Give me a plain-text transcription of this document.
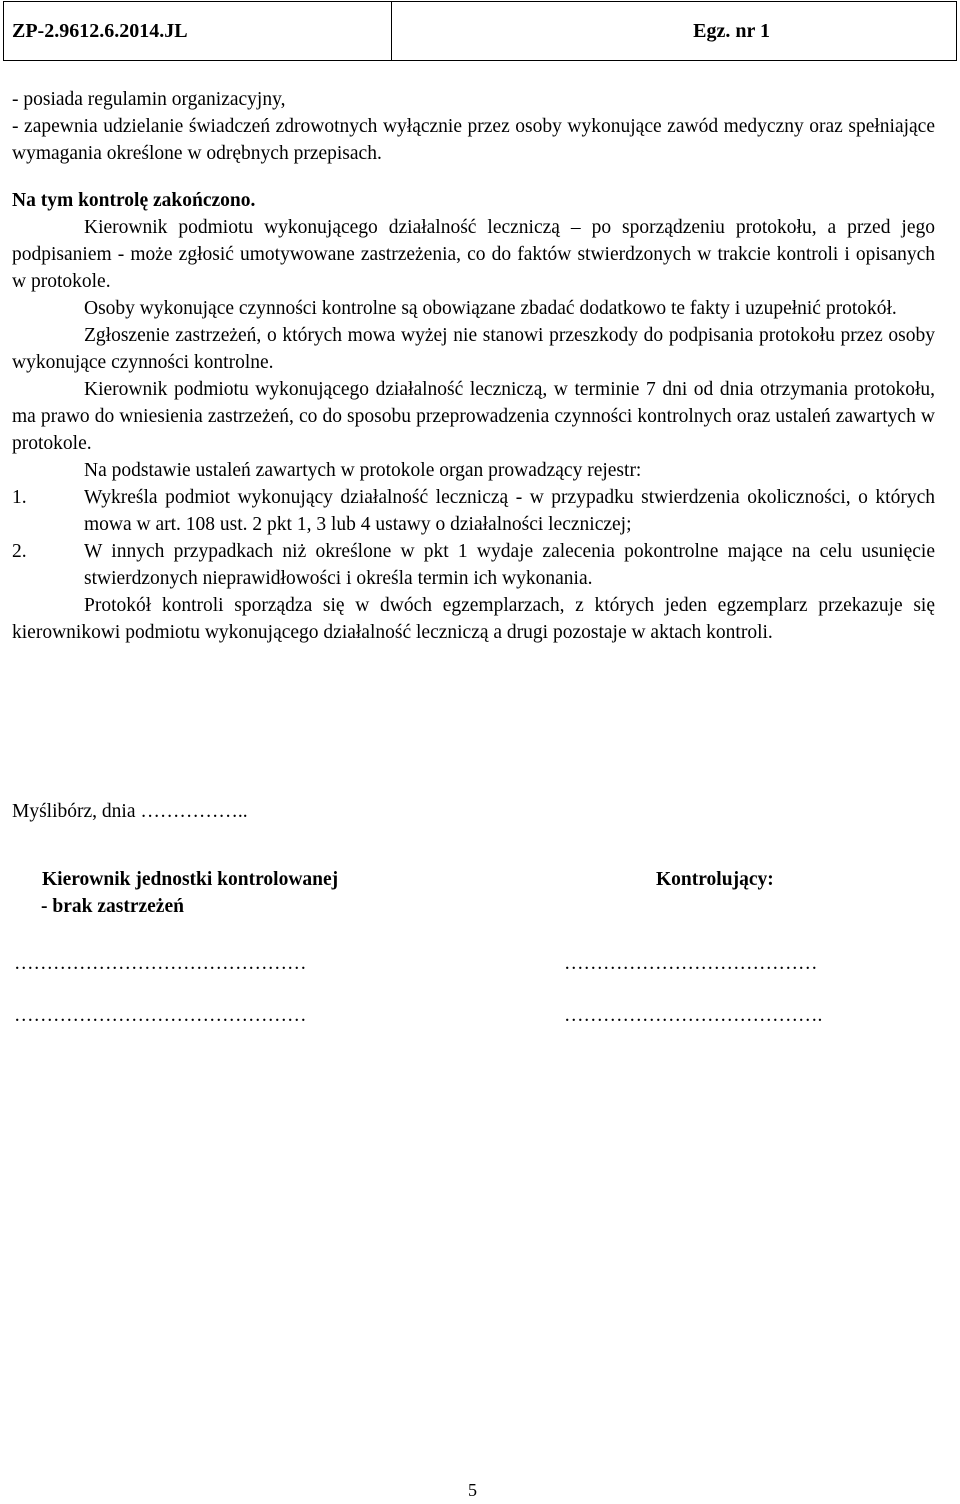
ZP-2.9612.6.2014.JL	Egz. nr 1

- posiada regulamin organizacyjny,

- zapewnia udzielanie świadczeń zdrowotnych wyłącznie przez osoby wykonujące zawód medyczny oraz spełniające wymagania określone w odrębnych przepisach.

Na tym kontrolę zakończono.

Kierownik podmiotu wykonującego działalność leczniczą – po sporządzeniu protokołu, a przed jego podpisaniem - może zgłosić umotywowane zastrzeżenia, co do faktów stwierdzonych w trakcie kontroli i opisanych w protokole.

Osoby wykonujące czynności kontrolne są obowiązane zbadać dodatkowo te fakty i uzupełnić protokół.

Zgłoszenie zastrzeżeń, o których mowa wyżej nie stanowi przeszkody do podpisania protokołu przez osoby wykonujące czynności kontrolne.

Kierownik podmiotu wykonującego działalność leczniczą, w terminie 7 dni od dnia otrzymania protokołu, ma prawo do wniesienia zastrzeżeń, co do sposobu przeprowadzenia czynności kontrolnych oraz ustaleń zawartych w protokole.

Na podstawie ustaleń zawartych w protokole organ prowadzący rejestr:

1.	Wykreśla podmiot wykonujący działalność leczniczą - w przypadku stwierdzenia okoliczności, o których mowa w art. 108 ust. 2 pkt 1, 3 lub 4 ustawy o działalności leczniczej;
2.	W innych przypadkach niż określone w pkt 1 wydaje zalecenia pokontrolne mające na celu usunięcie stwierdzonych nieprawidłowości i określa termin ich wykonania.

Protokół kontroli sporządza się w dwóch egzemplarzach, z których jeden egzemplarz przekazuje się kierownikowi podmiotu wykonującego działalność leczniczą a drugi pozostaje w aktach kontroli.

Myślibórz, dnia ……………..
Kierownik jednostki kontrolowanej
- brak zastrzeżeń
Kontrolujący:
………………………………………
………………………………………
…………………………………
………………………………….
5
